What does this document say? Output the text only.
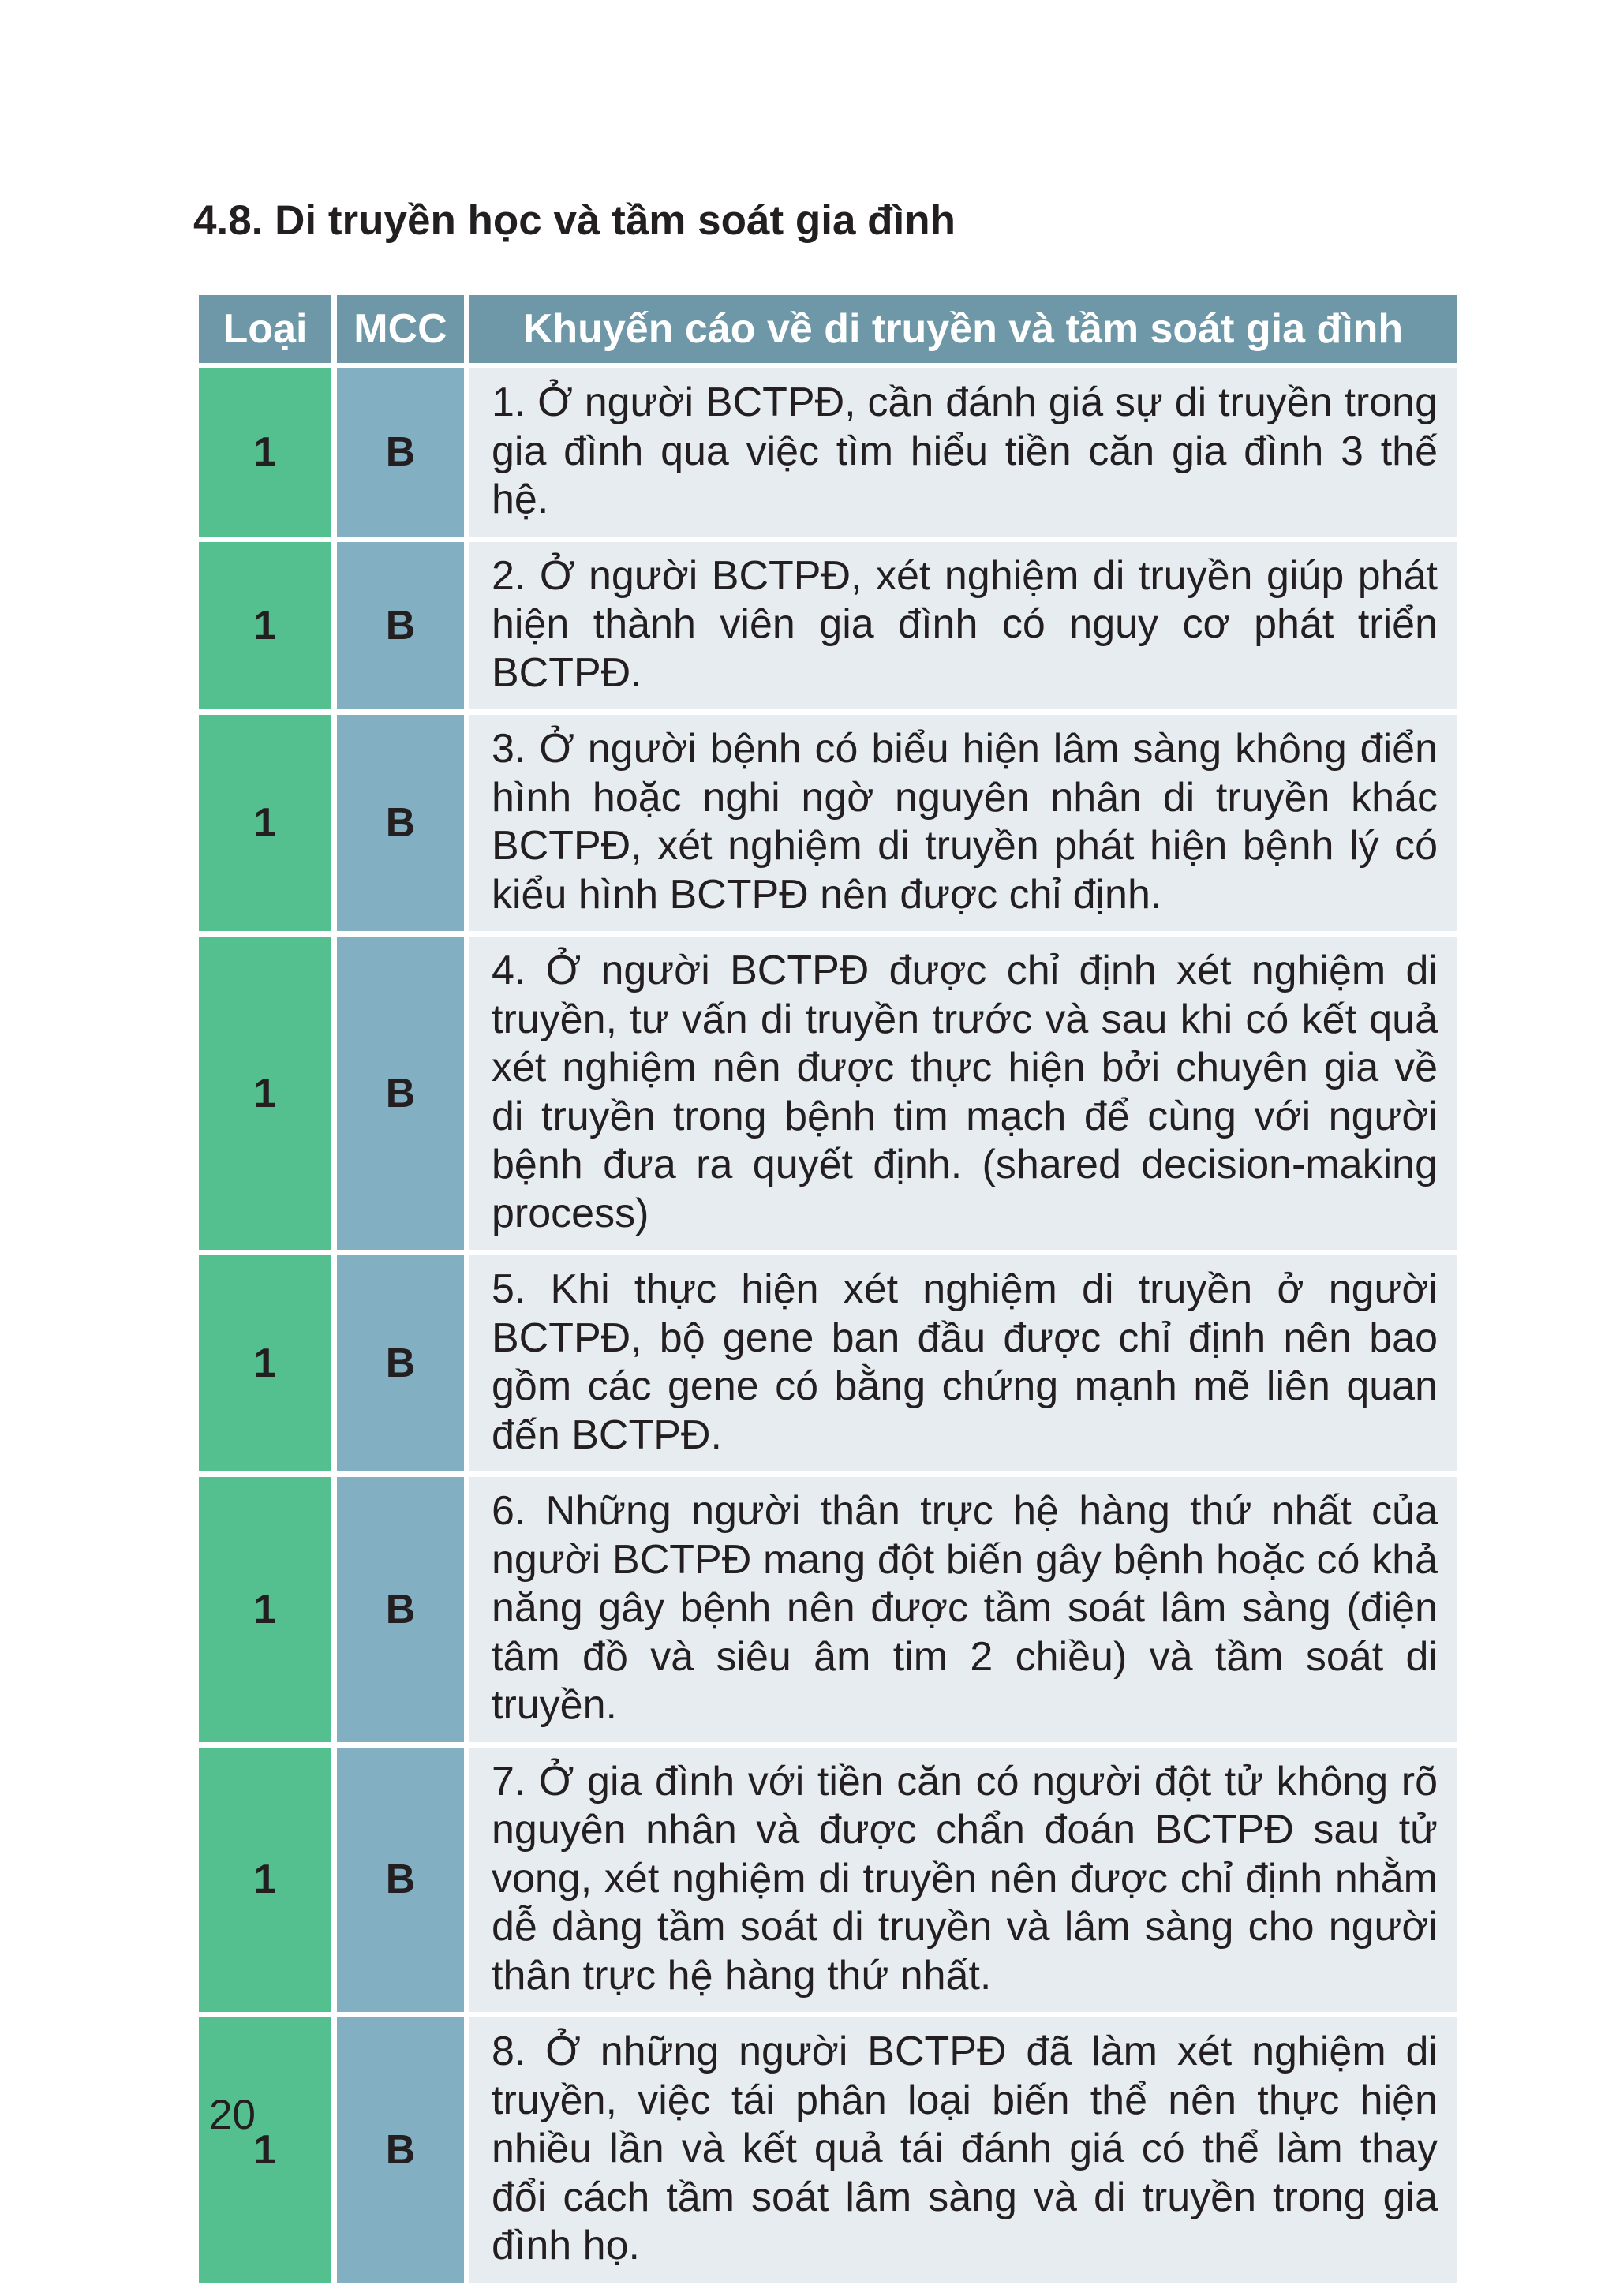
4.8. Di truyền học và tầm soát gia đình
Loại	MCC	Khuyến cáo về di truyền và tầm soát gia đình
1	B	1. Ở người BCTPĐ, cần đánh giá sự di truyền trong gia đình qua việc tìm hiểu tiền căn gia đình 3 thế hệ.
1	B	2. Ở người BCTPĐ, xét nghiệm di truyền giúp phát hiện thành viên gia đình có nguy cơ phát triển BCTPĐ.
1	B	3. Ở người bệnh có biểu hiện lâm sàng không điển hình hoặc nghi ngờ nguyên nhân di truyền khác BCTPĐ, xét nghiệm di truyền phát hiện bệnh lý có kiểu hình BCTPĐ nên được chỉ định.
1	B	4. Ở người BCTPĐ được chỉ định xét nghiệm di truyền, tư vấn di truyền trước và sau khi có kết quả xét nghiệm nên được thực hiện bởi chuyên gia về di truyền trong bệnh tim mạch để cùng với người bệnh đưa ra quyết định. (shared decision-making process)
1	B	5. Khi thực hiện xét nghiệm di truyền ở người BCTPĐ, bộ gene ban đầu được chỉ định nên bao gồm các gene có bằng chứng mạnh mẽ liên quan đến BCTPĐ.
1	B	6. Những người thân trực hệ hàng thứ nhất của người BCTPĐ mang đột biến gây bệnh hoặc có khả năng gây bệnh nên được tầm soát lâm sàng (điện tâm đồ và siêu âm tim 2 chiều) và tầm soát di truyền.
1	B	7. Ở gia đình với tiền căn có người đột tử không rõ nguyên nhân và được chẩn đoán BCTPĐ sau tử vong, xét nghiệm di truyền nên được chỉ định nhằm dễ dàng tầm soát di truyền và lâm sàng cho người thân trực hệ hàng thứ nhất.
1	B	8. Ở những người BCTPĐ đã làm xét nghiệm di truyền, việc tái phân loại biến thể nên thực hiện nhiều lần và kết quả tái đánh giá có thể làm thay đổi cách tầm soát lâm sàng và di truyền trong gia đình họ.
20
